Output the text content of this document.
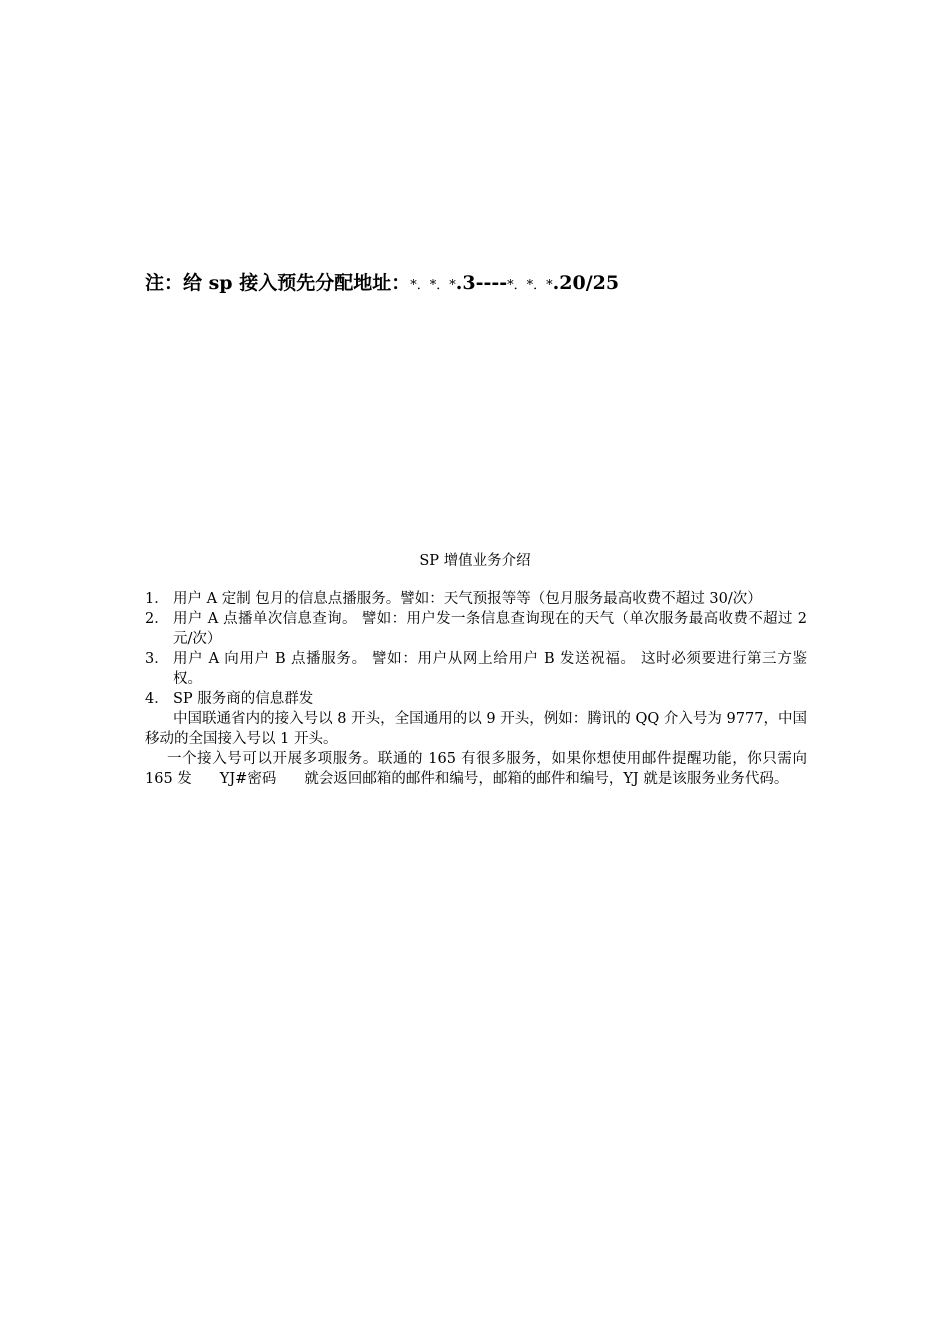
注：给 sp 接入预先分配地址：*．*．*.3----*．*．*.20/25
SP 增值业务介绍
1． 用户 A 定制 包月的信息点播服务。譬如：天气预报等等（包月服务最高收费不超过 30/次）
2． 用户 A 点播单次信息查询。 譬如：用户发一条信息查询现在的天气（单次服务最高收费不超过 2 元/次）
3． 用户 A 向用户 B 点播服务。 譬如：用户从网上给用户 B 发送祝福。 这时必须要进行第三方鉴权。
4． SP 服务商的信息群发
中国联通省内的接入号以 8 开头，全国通用的以 9 开头，例如：腾讯的 QQ 介入号为 9777，中国移动的全国接入号以 1 开头。
一个接入号可以开展多项服务。联通的 165 有很多服务，如果你想使用邮件提醒功能，你只需向 165 发 YJ#密码 就会返回邮箱的邮件和编号，邮箱的邮件和编号，YJ 就是该服务业务代码。
